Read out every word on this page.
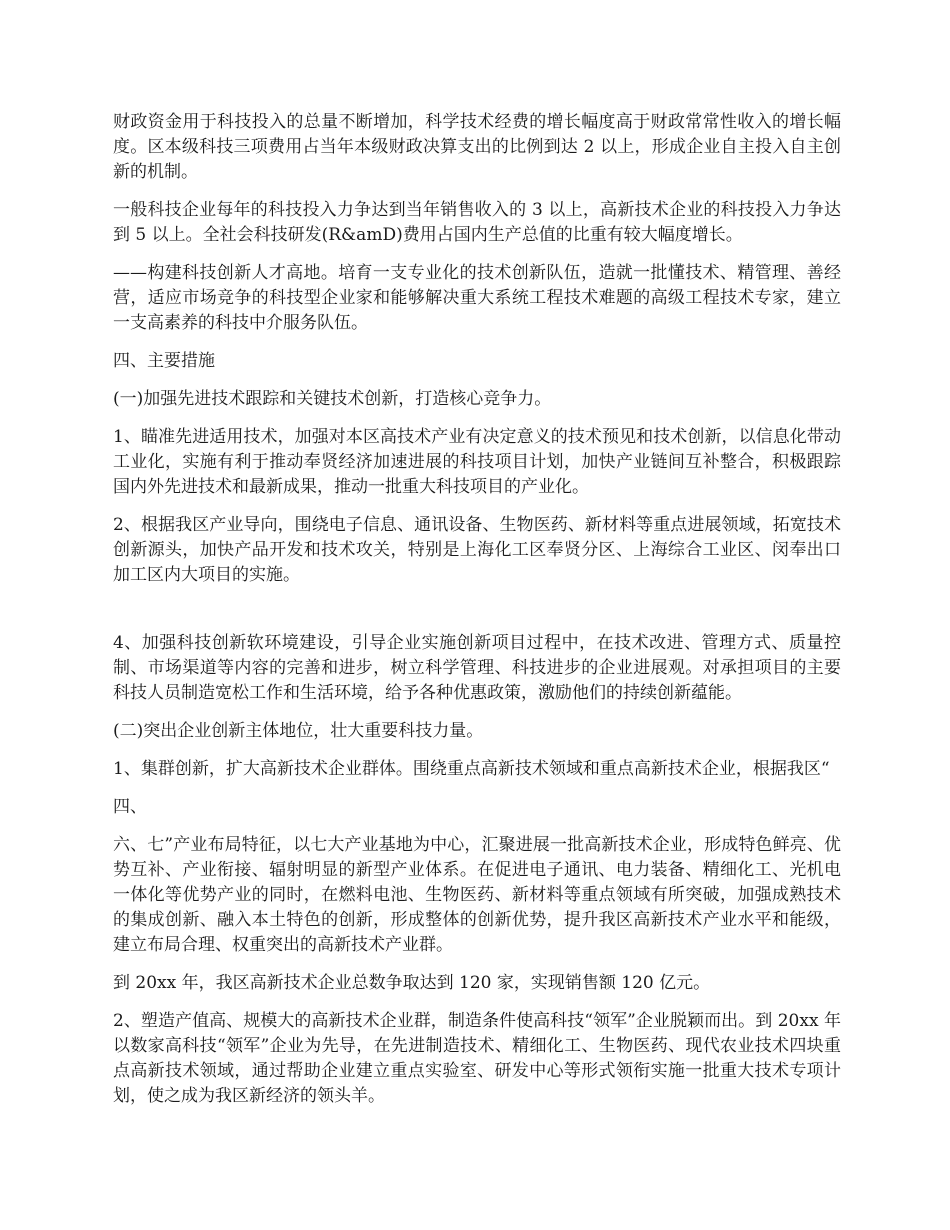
财政资金用于科技投入的总量不断增加，科学技术经费的增长幅度高于财政常常性收入的增长幅度。区本级科技三项费用占当年本级财政决算支出的比例到达 2 以上，形成企业自主投入自主创新的机制。

一般科技企业每年的科技投入力争达到当年销售收入的 3 以上，高新技术企业的科技投入力争达到 5 以上。全社会科技研发(R&amD)费用占国内生产总值的比重有较大幅度增长。

——构建科技创新人才高地。培育一支专业化的技术创新队伍，造就一批懂技术、精管理、善经营，适应市场竞争的科技型企业家和能够解决重大系统工程技术难题的高级工程技术专家，建立一支高素养的科技中介服务队伍。

四、主要措施

(一)加强先进技术跟踪和关键技术创新，打造核心竞争力。

1、瞄准先进适用技术，加强对本区高技术产业有决定意义的技术预见和技术创新，以信息化带动工业化，实施有利于推动奉贤经济加速进展的科技项目计划，加快产业链间互补整合，积极跟踪国内外先进技术和最新成果，推动一批重大科技项目的产业化。

2、根据我区产业导向，围绕电子信息、通讯设备、生物医药、新材料等重点进展领域，拓宽技术创新源头，加快产品开发和技术攻关，特别是上海化工区奉贤分区、上海综合工业区、闵奉出口加工区内大项目的实施。

4、加强科技创新软环境建设，引导企业实施创新项目过程中，在技术改进、管理方式、质量控制、市场渠道等内容的完善和进步，树立科学管理、科技进步的企业进展观。对承担项目的主要科技人员制造宽松工作和生活环境，给予各种优惠政策，激励他们的持续创新蕴能。

(二)突出企业创新主体地位，壮大重要科技力量。

1、集群创新，扩大高新技术企业群体。围绕重点高新技术领域和重点高新技术企业，根据我区“

四、

六、七”产业布局特征，以七大产业基地为中心，汇聚进展一批高新技术企业，形成特色鲜亮、优势互补、产业衔接、辐射明显的新型产业体系。在促进电子通讯、电力装备、精细化工、光机电一体化等优势产业的同时，在燃料电池、生物医药、新材料等重点领域有所突破，加强成熟技术的集成创新、融入本土特色的创新，形成整体的创新优势，提升我区高新技术产业水平和能级，建立布局合理、权重突出的高新技术产业群。

到 20xx 年，我区高新技术企业总数争取达到 120 家，实现销售额 120 亿元。

2、塑造产值高、规模大的高新技术企业群，制造条件使高科技“领军”企业脱颖而出。到 20xx 年以数家高科技“领军”企业为先导，在先进制造技术、精细化工、生物医药、现代农业技术四块重点高新技术领域，通过帮助企业建立重点实验室、研发中心等形式领衔实施一批重大技术专项计划，使之成为我区新经济的领头羊。
